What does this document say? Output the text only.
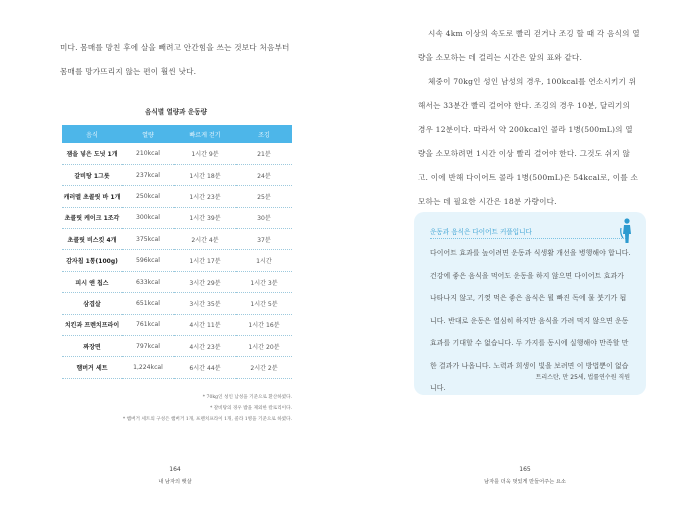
미다. 몸매를 망친 후에 살을 빼려고 안간힘을 쓰는 것보다 처음부터 몸매를 망가뜨리지 않는 편이 훨씬 낫다.

음식별 열량과 운동량
음식	열량	빠르게 걷기	조깅
잼을 넣은 도넛 1개	210kcal	1시간 9분	21분
갈비탕 1그릇	237kcal	1시간 18분	24분
캐러멜 초콜릿 바 1개	250kcal	1시간 23분	25분
초콜릿 케이크 1조각	300kcal	1시간 39분	30분
초콜릿 비스킷 4개	375kcal	2시간 4분	37분
감자칩 1통(100g)	596kcal	1시간 17분	1시간
피시 앤 칩스	633kcal	3시간 29분	1시간 3분
삼겹살	651kcal	3시간 35분	1시간 5분
치킨과 프렌치프라이	761kcal	4시간 11분	1시간 16분
짜장면	797kcal	4시간 23분	1시간 20분
햄버거 세트	1,224kcal	6시간 44분	2시간 2분
* 70kg인 성인 남성을 기준으로 환산하였다.
* 갈비탕의 경우 밥을 제외한 칼로리이다.
* 햄버거 세트의 구성은 햄버거 1개, 프렌치프라이 1개, 콜라 1병을 기준으로 하였다.
164
내 남자의 뱃살

시속 4km 이상의 속도로 빨리 걷거나 조깅 할 때 각 음식의 열량을 소모하는 데 걸리는 시간은 앞의 표와 같다.

체중이 70kg인 성인 남성의 경우, 100kcal를 연소시키기 위해서는 33분간 빨리 걸어야 한다. 조깅의 경우 10분, 달리기의 경우 12분이다. 따라서 약 200kcal인 콜라 1병(500mL)의 열량을 소모하려면 1시간 이상 빨리 걸어야 한다. 그것도 쉬지 않고. 이에 반해 다이어트 콜라 1병(500mL)은 54kcal로, 이를 소모하는 데 필요한 시간은 18분 가량이다.

운동과 음식은 다이어트 커플입니다
다이어트 효과를 높이려면 운동과 식생활 개선을 병행해야 합니다. 건강에 좋은 음식을 먹어도 운동을 하지 않으면 다이어트 효과가 나타나지 않고, 기껏 먹은 좋은 음식은 뭘 빠진 독에 물 붓기가 됩니다. 반대로 운동은 열심히 하지만 음식을 가려 먹지 않으면 운동 효과를 기대할 수 없습니다. 두 가지를 동시에 실행해야 만족할 만한 결과가 나옵니다. 노력과 희생이 빛을 보려면 이 방법뿐이 없습니다.
트리스탄, 만 25세, 법률연수원 직원
165
남자를 더욱 멋있게 만들어주는 요소
